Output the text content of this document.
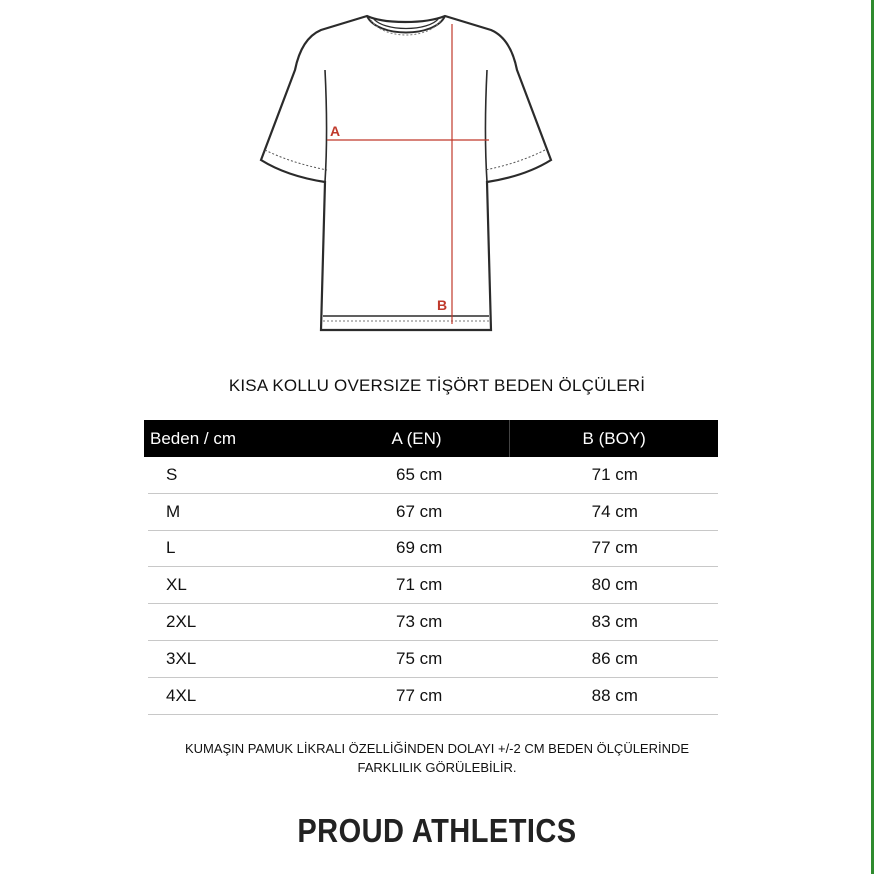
A
B
KISA KOLLU OVERSIZE TİŞÖRT BEDEN ÖLÇÜLERİ
Beden / cm	A (EN)	B (BOY)
S	65 cm	71 cm
M	67 cm	74 cm
L	69 cm	77 cm
XL	71 cm	80 cm
2XL	73 cm	83 cm
3XL	75 cm	86 cm
4XL	77 cm	88 cm
KUMAŞIN PAMUK LİKRALI ÖZELLİĞİNDEN DOLAYI +/-2 CM BEDEN ÖLÇÜLERİNDE
FARKLILIK GÖRÜLEBİLİR.
PROUD ATHLETICS
